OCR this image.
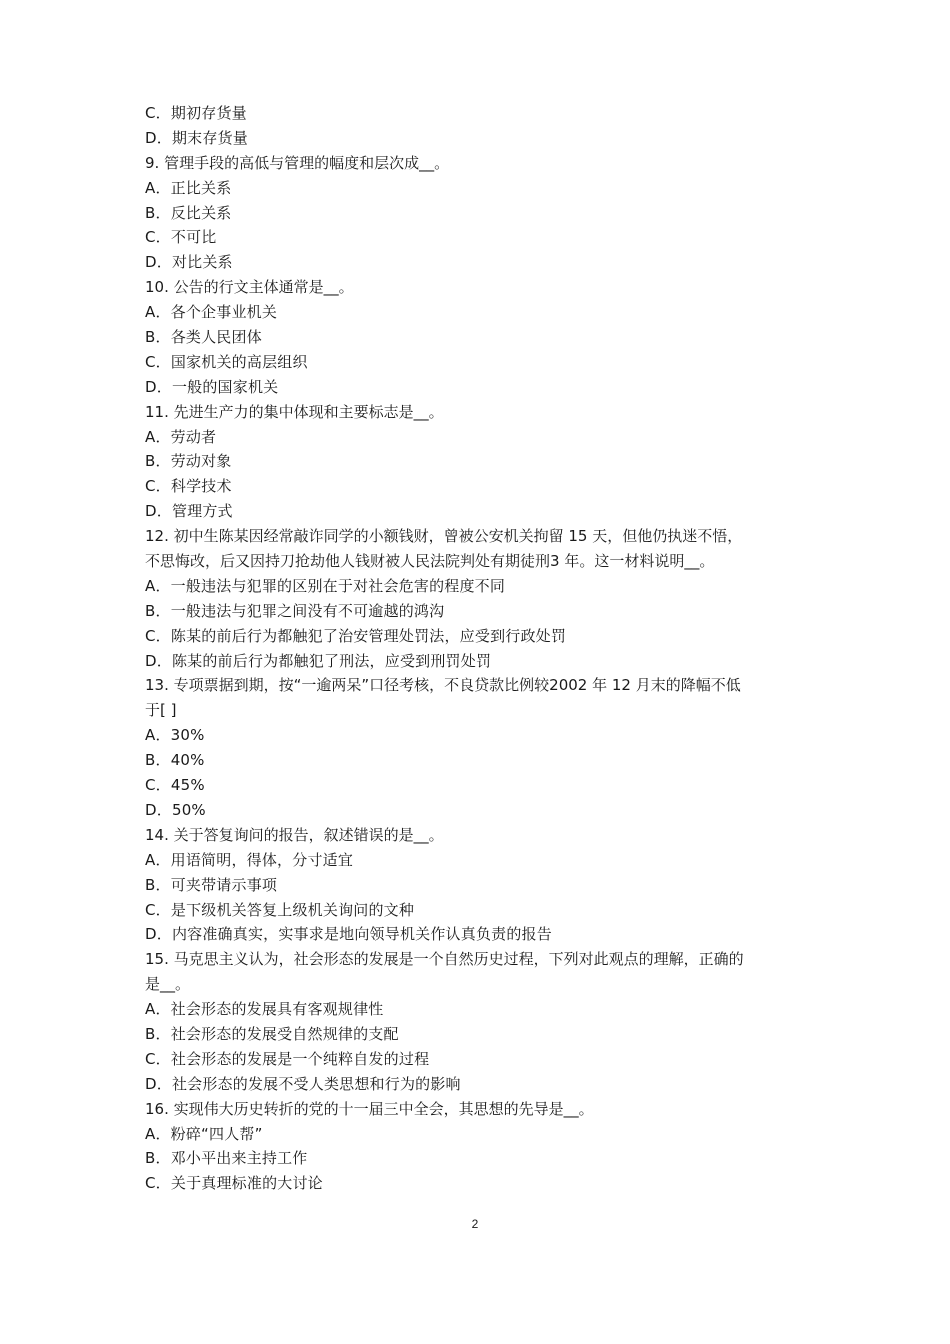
C．期初存货量
D．期末存货量
9. 管理手段的高低与管理的幅度和层次成__。
A．正比关系
B．反比关系
C．不可比
D．对比关系
10. 公告的行文主体通常是__。
A．各个企事业机关
B．各类人民团体
C．国家机关的高层组织
D．一般的国家机关
11. 先进生产力的集中体现和主要标志是__。
A．劳动者
B．劳动对象
C．科学技术
D．管理方式
12. 初中生陈某因经常敲诈同学的小额钱财，曾被公安机关拘留 15 天，但他仍执迷不悟，
不思悔改，后又因持刀抢劫他人钱财被人民法院判处有期徒刑3 年。这一材料说明__。
A．一般违法与犯罪的区别在于对社会危害的程度不同
B．一般违法与犯罪之间没有不可逾越的鸿沟
C．陈某的前后行为都触犯了治安管理处罚法，应受到行政处罚
D．陈某的前后行为都触犯了刑法，应受到刑罚处罚
13. 专项票据到期，按“一逾两呆”口径考核，不良贷款比例较2002 年 12 月末的降幅不低
于[ ]
A．30%
B．40%
C．45%
D．50%
14. 关于答复询问的报告，叙述错误的是__。
A．用语简明，得体，分寸适宜
B．可夹带请示事项
C．是下级机关答复上级机关询问的文种
D．内容准确真实，实事求是地向领导机关作认真负责的报告
15. 马克思主义认为，社会形态的发展是一个自然历史过程，下列对此观点的理解，正确的
是__。
A．社会形态的发展具有客观规律性
B．社会形态的发展受自然规律的支配
C．社会形态的发展是一个纯粹自发的过程
D．社会形态的发展不受人类思想和行为的影响
16. 实现伟大历史转折的党的十一届三中全会，其思想的先导是__。
A．粉碎“四人帮”
B．邓小平出来主持工作
C．关于真理标准的大讨论
2
